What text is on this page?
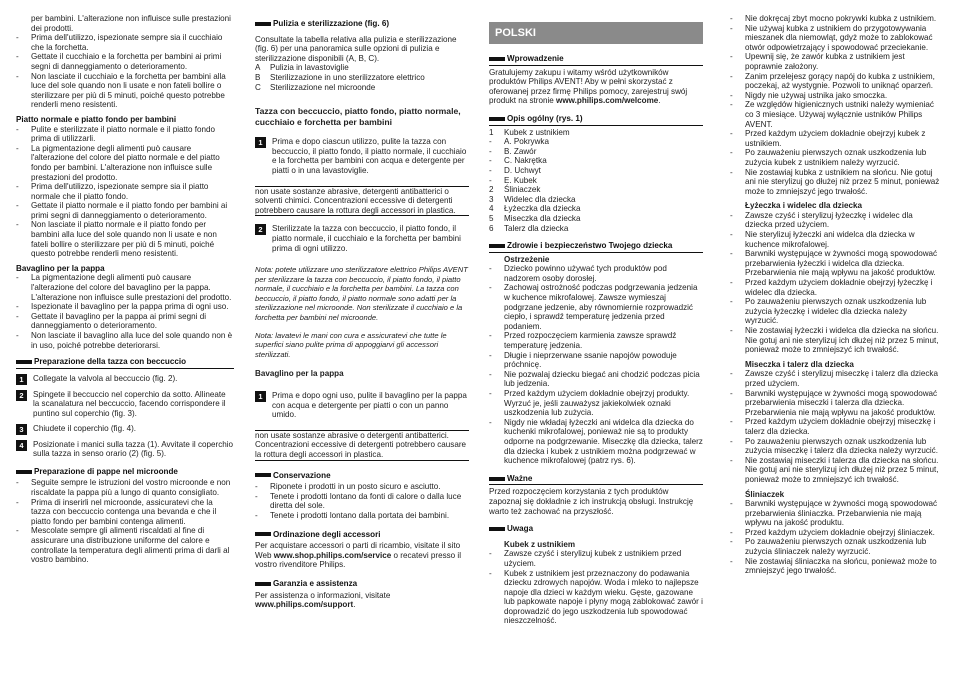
per bambini. L'alterazione non influisce sulle prestazioni dei prodotti.
-	Prima dell'utilizzo, ispezionate sempre sia il cucchiaio che la forchetta.
-	Gettate il cucchiaio e la forchetta per bambini ai primi segni di danneggiamento o deterioramento.
-	Non lasciate il cucchiaio e la forchetta per bambini alla luce del sole quando non li usate e non fateli bollire o sterilizzare per più di 5 minuti, poiché questo potrebbe renderli meno resistenti.

Piatto normale e piatto fondo per bambini

-	Pulite e sterilizzate il piatto normale e il piatto fondo prima di utilizzarli.
-	La pigmentazione degli alimenti può causare l'alterazione del colore del piatto normale e del piatto fondo per bambini. L'alterazione non influisce sulle prestazioni del prodotto.
-	Prima dell'utilizzo, ispezionate sempre sia il piatto normale che il piatto fondo.
-	Gettate il piatto normale e il piatto fondo per bambini ai primi segni di danneggiamento o deterioramento.
-	Non lasciate il piatto normale e il piatto fondo per bambini alla luce del sole quando non li usate e non fateli bollire o sterilizzare per più di 5 minuti, poiché questo potrebbe renderli meno resistenti.

Bavaglino per la pappa

-	La pigmentazione degli alimenti può causare l'alterazione del colore del bavaglino per la pappa. L'alterazione non influisce sulle prestazioni del prodotto.
-	Ispezionate il bavaglino per la pappa prima di ogni uso.
-	Gettate il bavaglino per la pappa ai primi segni di danneggiamento o deterioramento.
-	Non lasciate il bavaglino alla luce del sole quando non è in uso, poiché potrebbe deteriorarsi.
Preparazione della tazza con beccuccio
1	Collegate la valvola al beccuccio (fig. 2).
2	Spingete il beccuccio nel coperchio da sotto. Allineate la scanalatura nel beccuccio, facendo corrispondere il puntino sul coperchio (fig. 3).
3	Chiudete il coperchio (fig. 4).
4	Posizionate i manici sulla tazza (1). Avvitate il coperchio sulla tazza in senso orario (2) (fig. 5).
Preparazione di pappe nel microonde
-	Seguite sempre le istruzioni del vostro microonde e non riscaldate la pappa più a lungo di quanto consigliato.
-	Prima di inserirli nel microonde, assicuratevi che la tazza con beccuccio contenga una bevanda e che il piatto fondo per bambini contenga alimenti.
-	Mescolate sempre gli alimenti riscaldati al fine di assicurare una distribuzione uniforme del calore e controllate la temperatura degli alimenti prima di darli al vostro bambino.
Pulizia e sterilizzazione (fig. 6)

Consultate la tabella relativa alla pulizia e sterilizzazione (fig. 6) per una panoramica sulle opzioni di pulizia e sterilizzazione disponibili (A, B, C).

A	Pulizia in lavastoviglie
B	Sterilizzazione in uno sterilizzatore elettrico
C	Sterilizzazione nel microonde

Tazza con beccuccio, piatto fondo, piatto normale, cucchiaio e forchetta per bambini

1	Prima e dopo ciascun utilizzo, pulite la tazza con beccuccio, il piatto fondo, il piatto normale, il cucchiaio e la forchetta per bambini con acqua e detergente per piatti o in una lavastoviglie.

non usate sostanze abrasive, detergenti antibatterici o solventi chimici. Concentrazioni eccessive di detergenti potrebbero causare la rottura degli accessori in plastica.

2	Sterilizzate la tazza con beccuccio, il piatto fondo, il piatto normale, il cucchiaio e la forchetta per bambini prima di ogni utilizzo.

Nota: potete utilizzare uno sterilizzatore elettrico Philips AVENT per sterilizzare la tazza con beccuccio, il piatto fondo, il piatto normale, il cucchiaio e la forchetta per bambini. La tazza con beccuccio, il piatto fondo, il piatto normale sono adatti per la sterilizzazione nel microonde. Non sterilizzate il cucchiaio e la forchetta per bambini nel microonde.

Nota: lavatevi le mani con cura e assicuratevi che tutte le superfici siano pulite prima di appoggiarvi gli accessori sterilizzati.

Bavaglino per la pappa

1	Prima e dopo ogni uso, pulite il bavaglino per la pappa con acqua e detergente per piatti o con un panno umido.

non usate sostanze abrasive o detergenti antibatterici. Concentrazioni eccessive di detergenti potrebbero causare la rottura degli accessori in plastica.

Conservazione
-	Riponete i prodotti in un posto sicuro e asciutto.
-	Tenete i prodotti lontano da fonti di calore o dalla luce diretta del sole.
-	Tenete i prodotti lontano dalla portata dei bambini.
Ordinazione degli accessori

Per acquistare accessori o parti di ricambio, visitate il sito Web www.shop.philips.com/service o recatevi presso il vostro rivenditore Philips.

Garanzia e assistenza

Per assistenza o informazioni, visitate
www.philips.com/support.

POLSKI
Wprowadzenie

Gratulujemy zakupu i witamy wśród użytkowników produktów Philips AVENT! Aby w pełni skorzystać z oferowanej przez firmę Philips pomocy, zarejestruj swój produkt na stronie www.philips.com/welcome.

Opis ogólny (rys. 1)
1	Kubek z ustnikiem
-	A. Pokrywka
-	B. Zawór
-	C. Nakrętka
-	D. Uchwyt
-	E. Kubek
2	Śliniaczek
3	Widelec dla dziecka
4	Łyżeczka dla dziecka
5	Miseczka dla dziecka
6	Talerz dla dziecka
Zdrowie i bezpieczeństwo Twojego dziecka

Ostrzeżenie

-	Dziecko powinno używać tych produktów pod nadzorem osoby dorosłej.
-	Zachowaj ostrożność podczas podgrzewania jedzenia w kuchence mikrofalowej. Zawsze wymieszaj podgrzane jedzenie, aby równomiernie rozprowadzić ciepło, i sprawdź temperaturę jedzenia przed podaniem.
-	Przed rozpoczęciem karmienia zawsze sprawdź temperaturę jedzenia.
-	Długie i nieprzerwane ssanie napojów powoduje próchnicę.
-	Nie pozwalaj dziecku biegać ani chodzić podczas picia lub jedzenia.
-	Przed każdym użyciem dokładnie obejrzyj produkty. Wyrzuć je, jeśli zauważysz jakiekolwiek oznaki uszkodzenia lub zużycia.
-	Nigdy nie wkładaj łyżeczki ani widelca dla dziecka do kuchenki mikrofalowej, ponieważ nie są to produkty odporne na podgrzewanie. Miseczkę dla dziecka, talerz dla dziecka i kubek z ustnikiem można podgrzewać w kuchence mikrofalowej (patrz rys. 6).
Ważne

Przed rozpoczęciem korzystania z tych produktów zapoznaj się dokładnie z ich instrukcją obsługi. Instrukcję warto też zachować na przyszłość.

Uwaga

Kubek z ustnikiem

-	Zawsze czyść i sterylizuj kubek z ustnikiem przed użyciem.
-	Kubek z ustnikiem jest przeznaczony do podawania dziecku zdrowych napojów. Woda i mleko to najlepsze napoje dla dzieci w każdym wieku. Gęste, gazowane lub papkowate napoje i płyny mogą zablokować zawór i doprowadzić do jego uszkodzenia lub spowodować nieszczelność.
-	Nie dokręcaj zbyt mocno pokrywki kubka z ustnikiem.
-	Nie używaj kubka z ustnikiem do przygotowywania mieszanek dla niemowląt, gdyż może to zablokować otwór odpowietrzający i spowodować przeciekanie.
-	Upewnij się, że zawór kubka z ustnikiem jest poprawnie założony.
-	Zanim przelejesz gorący napój do kubka z ustnikiem, poczekaj, aż wystygnie. Pozwoli to uniknąć oparzeń.
-	Nigdy nie używaj ustnika jako smoczka.
-	Ze względów higienicznych ustniki należy wymieniać co 3 miesiące. Używaj wyłącznie ustników Philips AVENT.
-	Przed każdym użyciem dokładnie obejrzyj kubek z ustnikiem.
-	Po zauważeniu pierwszych oznak uszkodzenia lub zużycia kubek z ustnikiem należy wyrzucić.
-	Nie zostawiaj kubka z ustnikiem na słońcu. Nie gotuj ani nie sterylizuj go dłużej niż przez 5 minut, ponieważ może to zmniejszyć jego trwałość.

Łyżeczka i widelec dla dziecka

-	Zawsze czyść i sterylizuj łyżeczkę i widelec dla dziecka przed użyciem.
-	Nie sterylizuj łyżeczki ani widelca dla dziecka w kuchence mikrofalowej.
-	Barwniki występujące w żywności mogą spowodować przebarwienia łyżeczki i widelca dla dziecka. Przebarwienia nie mają wpływu na jakość produktów.
-	Przed każdym użyciem dokładnie obejrzyj łyżeczkę i widelec dla dziecka.
-	Po zauważeniu pierwszych oznak uszkodzenia lub zużycia łyżeczkę i widelec dla dziecka należy wyrzucić.
-	Nie zostawiaj łyżeczki i widelca dla dziecka na słońcu. Nie gotuj ani nie sterylizuj ich dłużej niż przez 5 minut, ponieważ może to zmniejszyć ich trwałość.

Miseczka i talerz dla dziecka

-	Zawsze czyść i sterylizuj miseczkę i talerz dla dziecka przed użyciem.
-	Barwniki występujące w żywności mogą spowodować przebarwienia miseczki i talerza dla dziecka. Przebarwienia nie mają wpływu na jakość produktów.
-	Przed każdym użyciem dokładnie obejrzyj miseczkę i talerz dla dziecka.
-	Po zauważeniu pierwszych oznak uszkodzenia lub zużycia miseczkę i talerz dla dziecka należy wyrzucić.
-	Nie zostawiaj miseczki i talerza dla dziecka na słońcu. Nie gotuj ani nie sterylizuj ich dłużej niż przez 5 minut, ponieważ może to zmniejszyć ich trwałość.

Śliniaczek

-	Barwniki występujące w żywności mogą spowodować przebarwienia śliniaczka. Przebarwienia nie mają wpływu na jakość produktu.
-	Przed każdym użyciem dokładnie obejrzyj śliniaczek.
-	Po zauważeniu pierwszych oznak uszkodzenia lub zużycia śliniaczek należy wyrzucić.
-	Nie zostawiaj śliniaczka na słońcu, ponieważ może to zmniejszyć jego trwałość.
